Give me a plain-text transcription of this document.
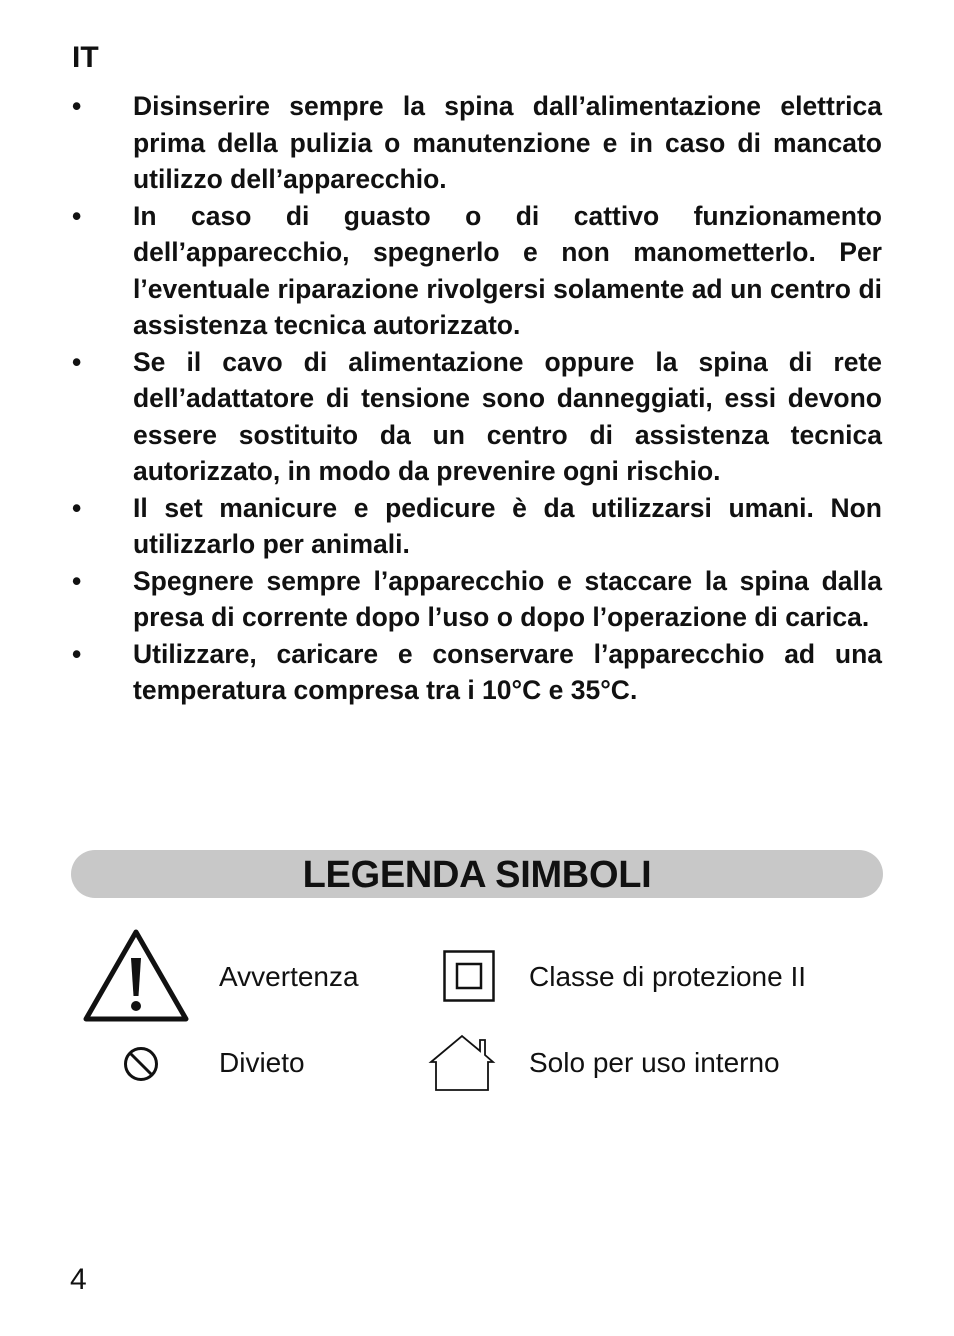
IT
•	Disinserire sempre la spina dall’alimentazione elettrica prima della pulizia o manutenzione e in caso di mancato utilizzo dell’apparecchio.
•	In caso di guasto o di cattivo funzionamento dell’apparecchio, spegnerlo e non manometterlo. Per l’eventuale riparazione rivolgersi solamente ad un centro di assistenza tecnica autorizzato.
•	Se il cavo di alimentazione oppure la spina di rete dell’adattatore di tensione sono danneggiati, essi devono essere sostituito da un centro di assistenza tecnica autorizzato, in modo da prevenire ogni rischio.
•	Il set manicure e pedicure è da utilizzarsi umani. Non utilizzarlo per animali.
•	Spegnere sempre l’apparecchio e staccare la spina dalla presa di corrente dopo l’uso o dopo l’operazione di carica.
•	Utilizzare, caricare e conservare l’apparecchio ad una temperatura compresa tra i 10°C e 35°C.
LEGENDA SIMBOLI
Avvertenza	Classe di protezione II
Divieto	Solo per uso interno
4
